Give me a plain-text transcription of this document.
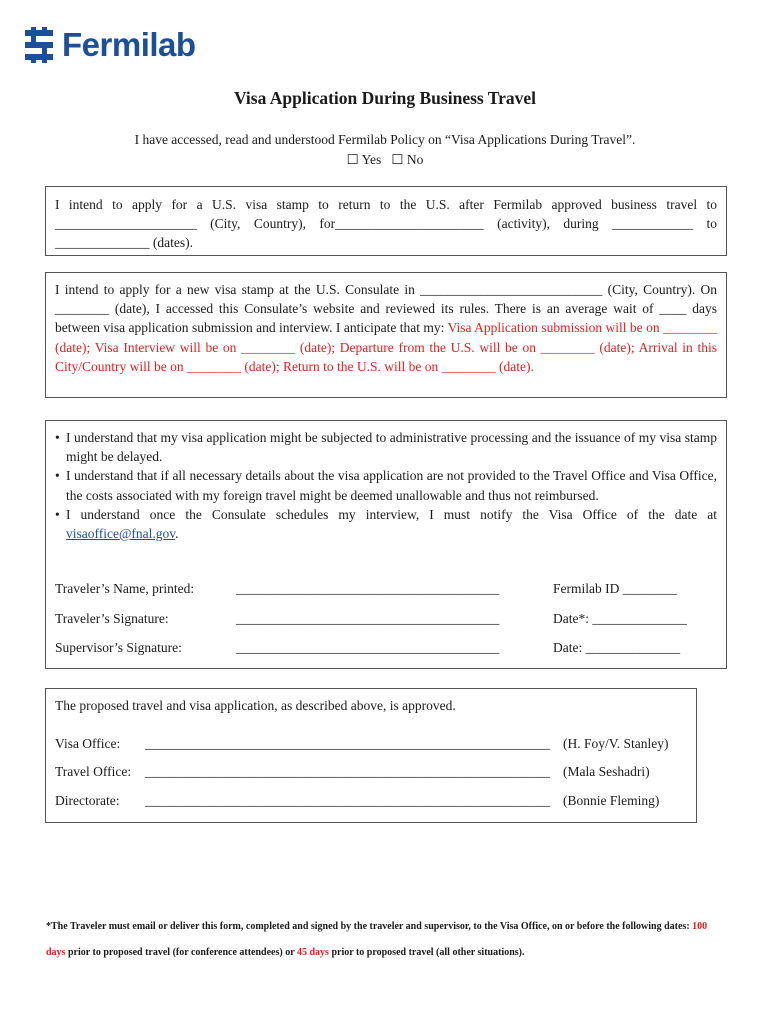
Fermilab
Visa Application During Business Travel
I have accessed, read and understood Fermilab Policy on “Visa Applications During Travel”.
☐ Yes ☐ No
I intend to apply for a U.S. visa stamp to return to the U.S. after Fermilab approved business travel to _____________________ (City, Country), for______________________ (activity), during ____________ to ______________ (dates).
I intend to apply for a new visa stamp at the U.S. Consulate in ___________________________ (City, Country). On ________ (date), I accessed this Consulate’s website and reviewed its rules. There is an average wait of ____ days between visa application submission and interview. I anticipate that my: Visa Application submission will be on ________ (date); Visa Interview will be on ________ (date); Departure from the U.S. will be on ________ (date); Arrival in this City/Country will be on ________ (date); Return to the U.S. will be on ________ (date).
• I understand that my visa application might be subjected to administrative processing and the issuance of my visa stamp might be delayed.
• I understand that if all necessary details about the visa application are not provided to the Travel Office and Visa Office, the costs associated with my foreign travel might be deemed unallowable and thus not reimbursed.
• I understand once the Consulate schedules my interview, I must notify the Visa Office of the date at visaoffice@fnal.gov.
Traveler’s Name, printed:	_______________________________________	Fermilab ID ________
Traveler’s Signature:	_______________________________________	Date*: ______________
Supervisor’s Signature:	_______________________________________	Date: ______________
The proposed travel and visa application, as described above, is approved.
Visa Office: ____________________________________________________________ (H. Foy/V. Stanley)
Travel Office: ____________________________________________________________ (Mala Seshadri)
Directorate: ____________________________________________________________ (Bonnie Fleming)
*The Traveler must email or deliver this form, completed and signed by the traveler and supervisor, to the Visa Office, on or before the following dates: 100 days prior to proposed travel (for conference attendees) or 45 days prior to proposed travel (all other situations).
